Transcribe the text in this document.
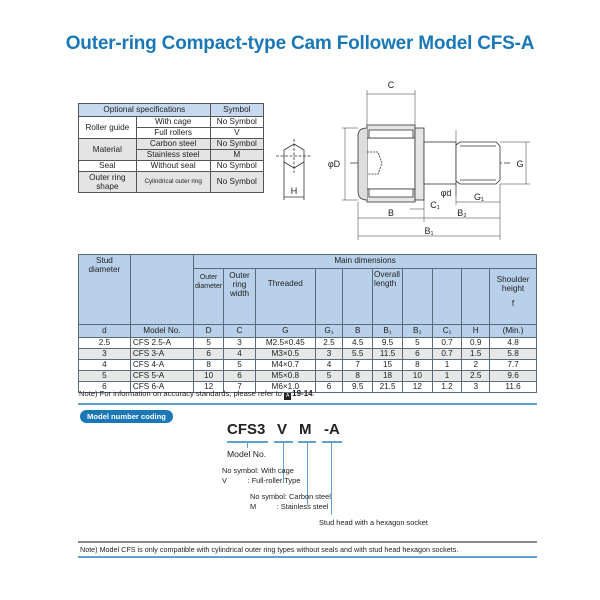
Outer-ring Compact-type Cam Follower Model CFS-A
Optional specifications		Symbol
Roller guide	With cage	No Symbol
	Full rollers	V
Material	Carbon steel	No Symbol
	Stainless steel	M
Seal	Without seal	No Symbol
Outer ring
shape	Cylindrical outer ring	No Symbol
C
φD	G
φd	G₁
C₁
B	B₂
B₁
H
Stud diameter		Main dimensions									
		Outer diameter	Outer ring width	Threaded			Overall length				Shoulder height
f

d	Model No.	D	C	G	G₁	B	B₁	B₂	C₁	H	(Min.)
2.5	CFS 2.5-A	5	3	M2.5×0.45	2.5	4.5	9.5	5	0.7	0.9	4.8
3	CFS 3-A	6	4	M3×0.5	3	5.5	11.5	6	0.7	1.5	5.8
4	CFS 4-A	8	5	M4×0.7	4	7	15	8	1	2	7.7
5	CFS 5-A	10	6	M5×0.8	5	8	18	10	1	2.5	9.6
6	CFS 6-A	12	7	M6×1.0	6	9.5	21.5	12	1.2	3	11.6
Note) For information on accuracy standards, please refer to A 19-14.
Model number coding
CFS3 V M -A
Model No.
No symbol: With cage
V          : Full-roller Type
No symbol: Carbon steel
M          : Stainless steel
Stud head with a hexagon socket
Note) Model CFS is only compatible with cylindrical outer ring types without seals and with stud head hexagon sockets.
